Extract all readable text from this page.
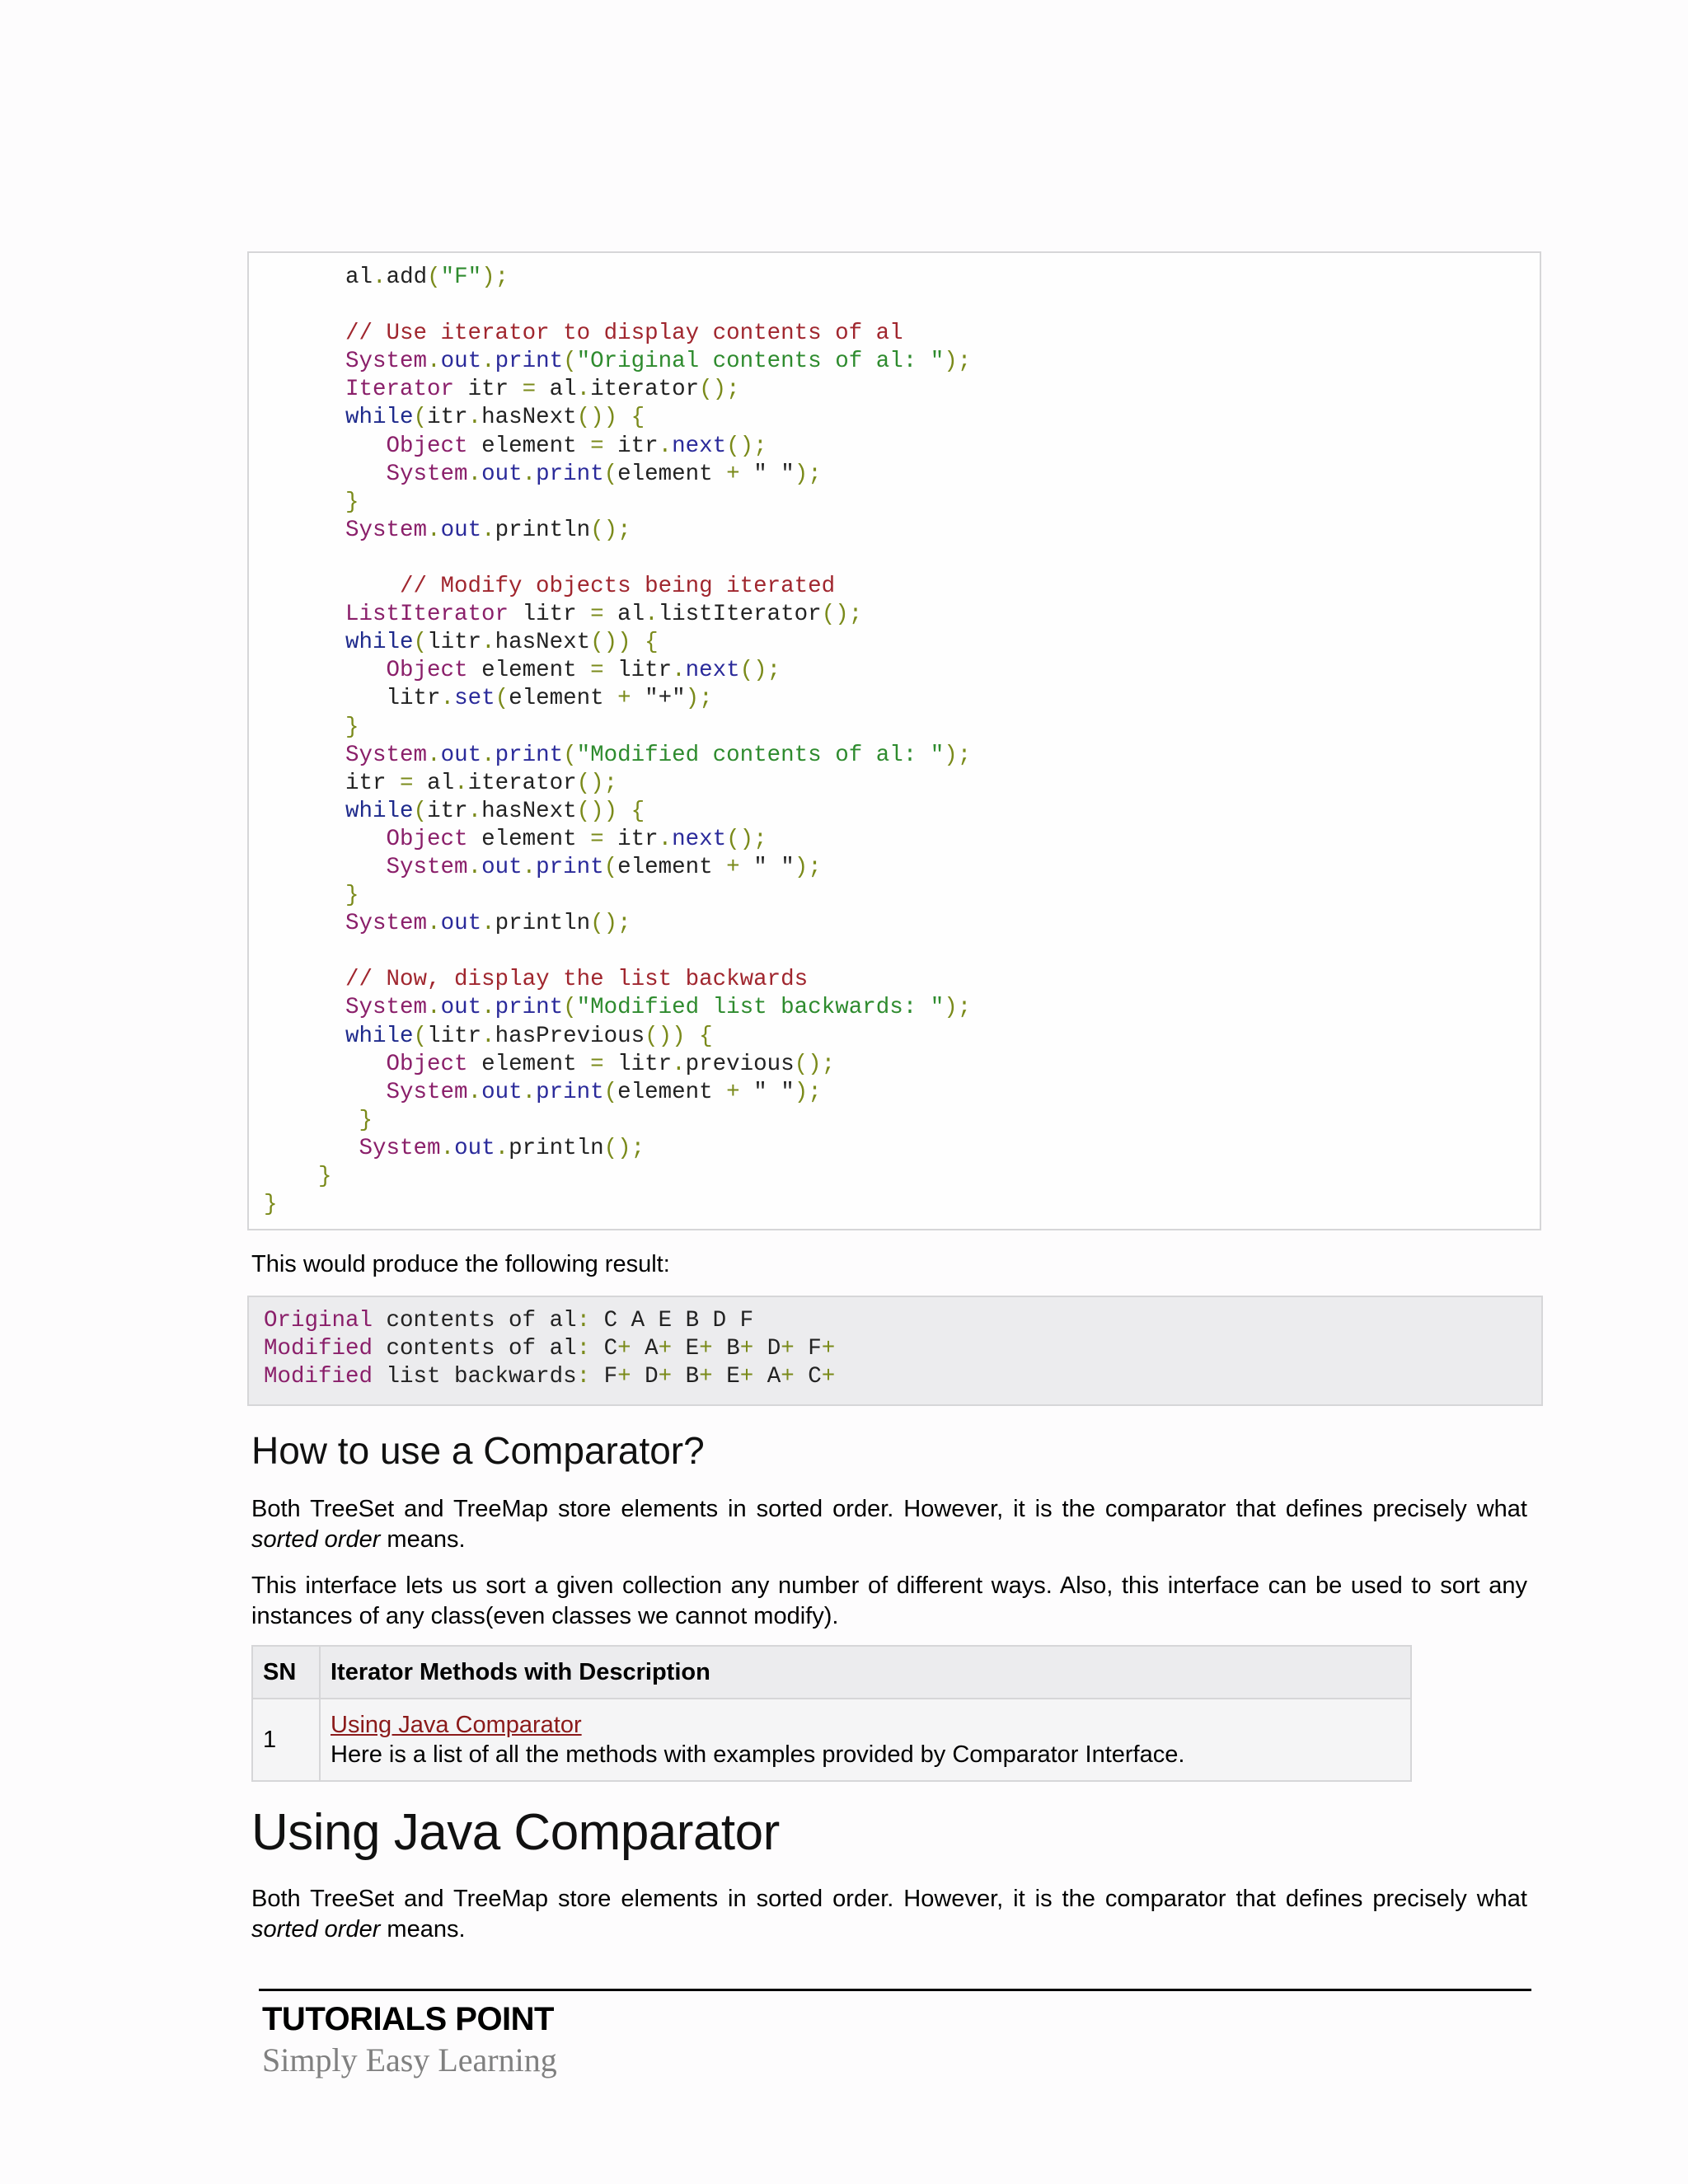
al.add("F");
// Use iterator to display contents of al
System.out.print("Original contents of al: ");
Iterator itr = al.iterator();
while(itr.hasNext()) {
Object element = itr.next();
System.out.print(element + " ");
}
System.out.println();
// Modify objects being iterated
ListIterator litr = al.listIterator();
while(litr.hasNext()) {
Object element = litr.next();
litr.set(element + "+");
}
System.out.print("Modified contents of al: ");
itr = al.iterator();
while(itr.hasNext()) {
Object element = itr.next();
System.out.print(element + " ");
}
System.out.println();
// Now, display the list backwards
System.out.print("Modified list backwards: ");
while(litr.hasPrevious()) {
Object element = litr.previous();
System.out.print(element + " ");
}
System.out.println();
}
}
This would produce the following result:
Original contents of al: C A E B D F
Modified contents of al: C+ A+ E+ B+ D+ F+
Modified list backwards: F+ D+ B+ E+ A+ C+
How to use a Comparator?
Both TreeSet and TreeMap store elements in sorted order. However, it is the comparator that defines precisely what sorted order means.
This interface lets us sort a given collection any number of different ways. Also, this interface can be used to sort any instances of any class(even classes we cannot modify).
SN	Iterator Methods with Description
1	Using Java Comparator
Here is a list of all the methods with examples provided by Comparator Interface.
Using Java Comparator
Both TreeSet and TreeMap store elements in sorted order. However, it is the comparator that defines precisely what sorted order means.
TUTORIALS POINT
Simply Easy Learning
